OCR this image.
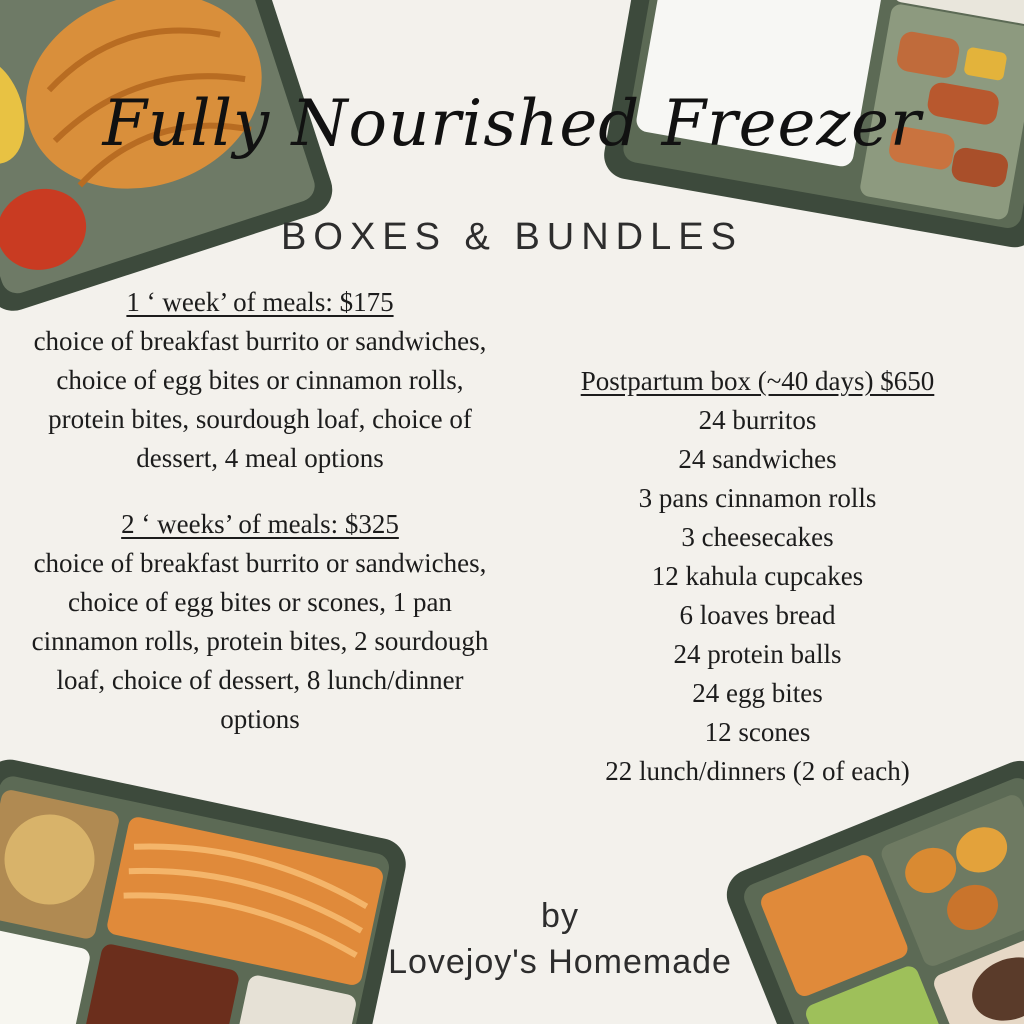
Fully Nourished Freezer
BOXES & BUNDLES
1 ‘ week’ of meals: $175
choice of breakfast burrito or sandwiches, choice of egg bites or cinnamon rolls, protein bites, sourdough loaf, choice of dessert, 4 meal options
2 ‘ weeks’ of meals: $325
choice of breakfast burrito or sandwiches, choice of egg bites or scones, 1 pan cinnamon rolls, protein bites, 2 sourdough loaf, choice of dessert, 8 lunch/dinner options
Postpartum box (~40 days) $650
24 burritos
24 sandwiches
3 pans cinnamon rolls
3 cheesecakes
12 kahula cupcakes
6 loaves bread
24 protein balls
24 egg bites
12 scones
22 lunch/dinners (2 of each)
by
Lovejoy's Homemade
